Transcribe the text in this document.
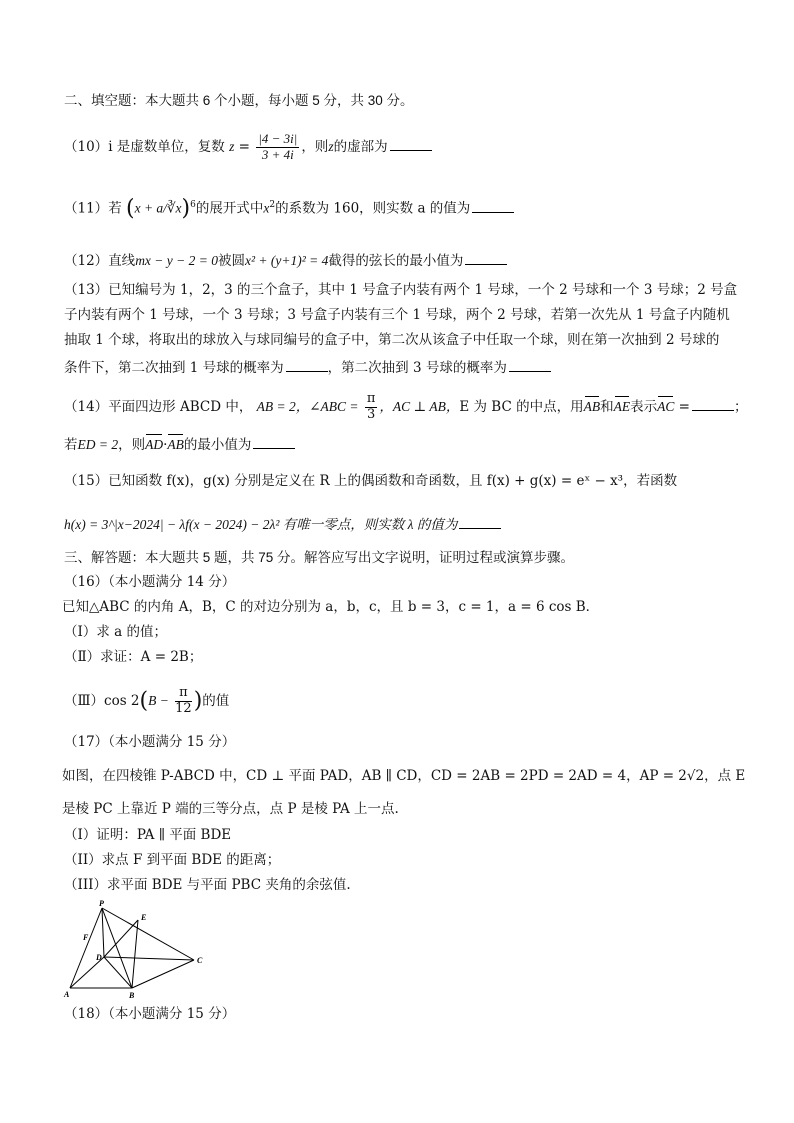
二、填空题：本大题共 6 个小题，每小题 5 分，共 30 分。
（10）i 是虚数单位，复数 $z = \frac{|4 - 3i|}{3 + 4i}$ ，则z的虚部为
（11）若 (x + a/∛x)$^6$的展开式中$x^2$的系数为 160，则实数 a 的值为
（12）直线mx − y − 2 = 0被圆x² + (y+1)² = 4截得的弦长的最小值为
（13）已知编号为 1，2，3 的三个盒子，其中 1 号盒子内装有两个 1 号球，一个 2 号球和一个 3 号球；2 号盒
子内装有两个 1 号球，一个 3 号球；3 号盒子内装有三个 1 号球，两个 2 号球，若第一次先从 1 号盒子内随机
抽取 1 个球，将取出的球放入与球同编号的盒子中，第二次从该盒子中任取一个球，则在第一次抽到 2 号球的
条件下，第二次抽到 1 号球的概率为	，第二次抽到 3 号球的概率为
（14）平面四边形 ABCD 中， AB = 2，∠ABC = $\frac{\pi}{3}$ ，AC ⊥ AB，E 为 BC 的中点，用AB和AE表示AC =	；
若ED = 2，则AD·AB的最小值为
（15）已知函数 f(x)，g(x) 分别是定义在 R 上的偶函数和奇函数，且 f(x) + g(x) = eˣ − x³，若函数
h(x) = 3^|x−2024| − λf(x − 2024) − 2λ² 有唯一零点，则实数 λ 的值为
三、解答题：本大题共 5 题，共 75 分。解答应写出文字说明，证明过程或演算步骤。
（16）（本小题满分 14 分）
已知△ABC 的内角 A，B，C 的对边分别为 a，b，c，且 b = 3，c = 1，a = 6 cos B．
（Ⅰ）求 a 的值；
（Ⅱ）求证：A = 2B；
（Ⅲ）cos $2(B - \frac{\pi}{12}$ )的值
（17）（本小题满分 15 分）
如图，在四棱锥 P-ABCD 中，CD ⊥ 平面 PAD，AB ∥ CD，CD = 2AB = 2PD = 2AD = 4，AP = 2√2，点 E
是棱 PC 上靠近 P 端的三等分点，点 P 是棱 PA 上一点.
（I）证明：PA ∥ 平面 BDE
（II）求点 F 到平面 BDE 的距离；
（III）求平面 BDE 与平面 PBC 夹角的余弦值.
P
E
F
D	C
A	B
（18）（本小题满分 15 分）
